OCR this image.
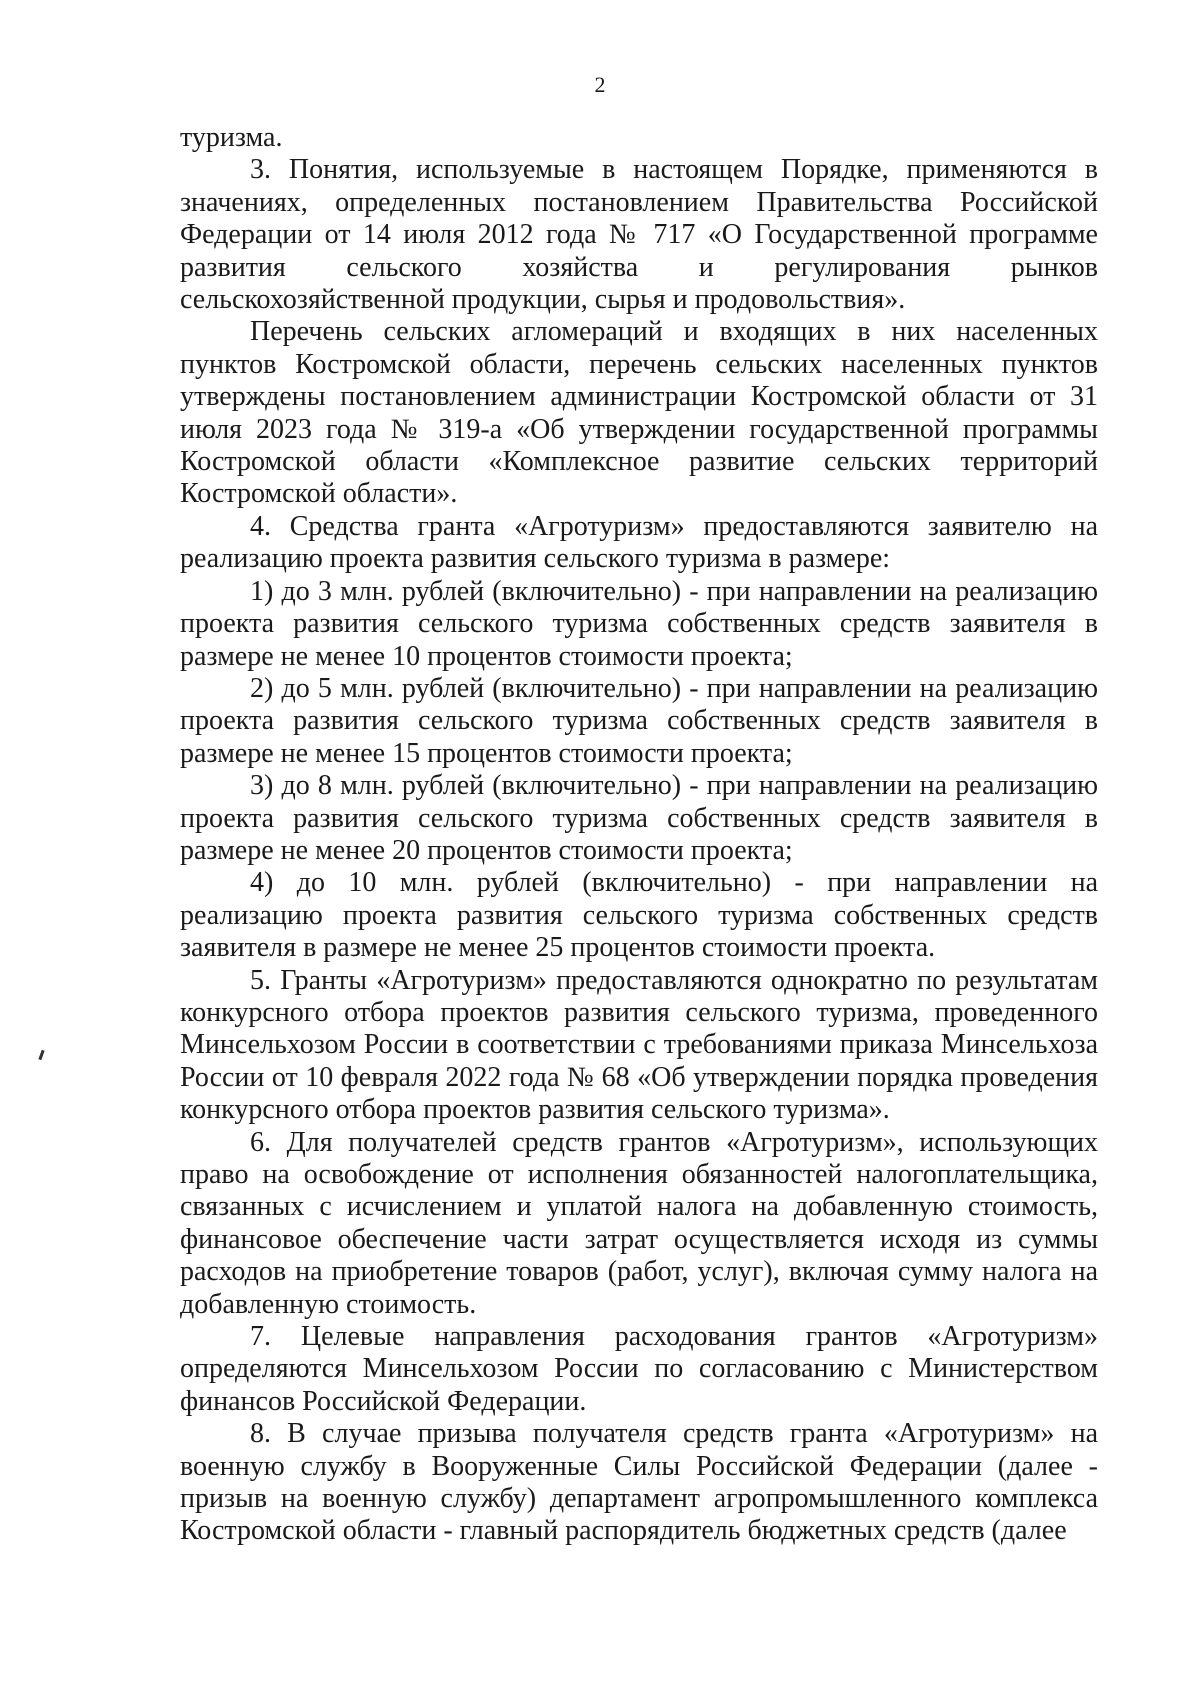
2

туризма.

3. Понятия, используемые в настоящем Порядке, применяются в значениях, определенных постановлением Правительства Российской Федерации от 14 июля 2012 года № 717 «О Государственной программе развития сельского хозяйства и регулирования рынков сельскохозяйственной продукции, сырья и продовольствия».

Перечень сельских агломераций и входящих в них населенных пунктов Костромской области, перечень сельских населенных пунктов утверждены постановлением администрации Костромской области от 31 июля 2023 года № 319-а «Об утверждении государственной программы Костромской области «Комплексное развитие сельских территорий Костромской области».

4. Средства гранта «Агротуризм» предоставляются заявителю на реализацию проекта развития сельского туризма в размере:

1) до 3 млн. рублей (включительно) - при направлении на реализацию проекта развития сельского туризма собственных средств заявителя в размере не менее 10 процентов стоимости проекта;

2) до 5 млн. рублей (включительно) - при направлении на реализацию проекта развития сельского туризма собственных средств заявителя в размере не менее 15 процентов стоимости проекта;

3) до 8 млн. рублей (включительно) - при направлении на реализацию проекта развития сельского туризма собственных средств заявителя в размере не менее 20 процентов стоимости проекта;

4) до 10 млн. рублей (включительно) - при направлении на реализацию проекта развития сельского туризма собственных средств заявителя в размере не менее 25 процентов стоимости проекта.

5. Гранты «Агротуризм» предоставляются однократно по результатам конкурсного отбора проектов развития сельского туризма, проведенного Минсельхозом России в соответствии с требованиями приказа Минсельхоза России от 10 февраля 2022 года № 68 «Об утверждении порядка проведения конкурсного отбора проектов развития сельского туризма».

6. Для получателей средств грантов «Агротуризм», использующих право на освобождение от исполнения обязанностей налогоплательщика, связанных с исчислением и уплатой налога на добавленную стоимость, финансовое обеспечение части затрат осуществляется исходя из суммы расходов на приобретение товаров (работ, услуг), включая сумму налога на добавленную стоимость.

7. Целевые направления расходования грантов «Агротуризм» определяются Минсельхозом России по согласованию с Министерством финансов Российской Федерации.

8. В случае призыва получателя средств гранта «Агротуризм» на военную службу в Вооруженные Силы Российской Федерации (далее - призыв на военную службу) департамент агропромышленного комплекса Костромской области - главный распорядитель бюджетных средств (далее
